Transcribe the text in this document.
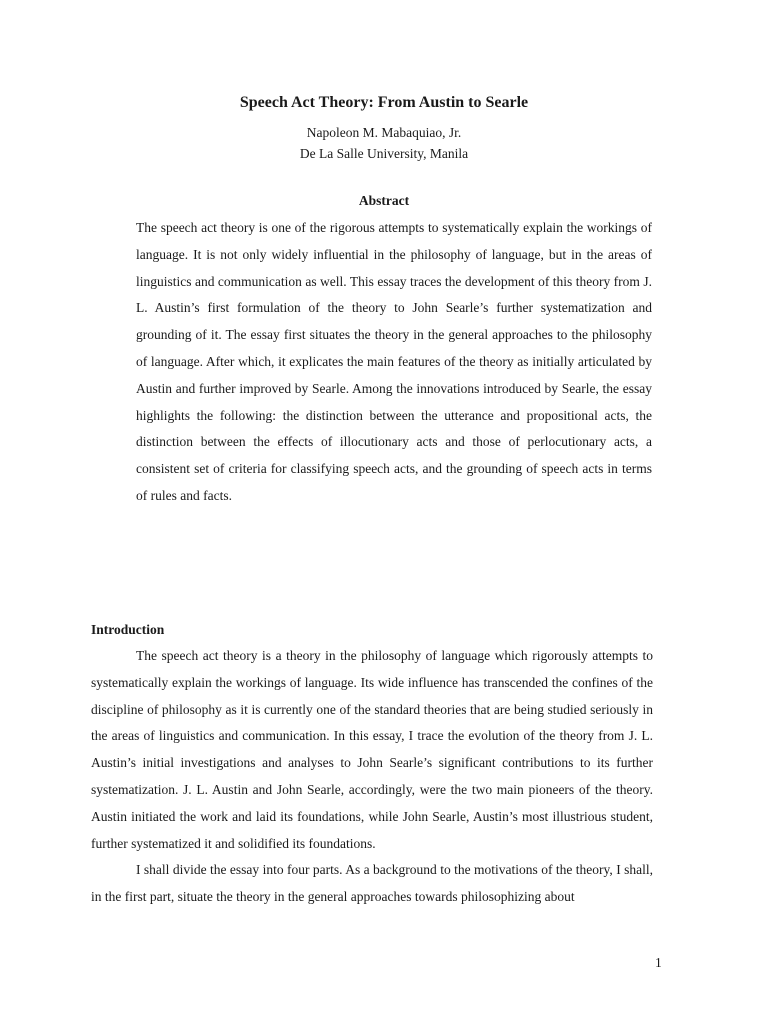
Speech Act Theory: From Austin to Searle

Napoleon M. Mabaquiao, Jr.

De La Salle University, Manila

Abstract

The speech act theory is one of the rigorous attempts to systematically explain the workings of language. It is not only widely influential in the philosophy of language, but in the areas of linguistics and communication as well. This essay traces the development of this theory from J. L. Austin’s first formulation of the theory to John Searle’s further systematization and grounding of it. The essay first situates the theory in the general approaches to the philosophy of language. After which, it explicates the main features of the theory as initially articulated by Austin and further improved by Searle. Among the innovations introduced by Searle, the essay highlights the following: the distinction between the utterance and propositional acts, the distinction between the effects of illocutionary acts and those of perlocutionary acts, a consistent set of criteria for classifying speech acts, and the grounding of speech acts in terms of rules and facts.

Introduction

The speech act theory is a theory in the philosophy of language which rigorously attempts to systematically explain the workings of language. Its wide influence has transcended the confines of the discipline of philosophy as it is currently one of the standard theories that are being studied seriously in the areas of linguistics and communication. In this essay, I trace the evolution of the theory from J. L. Austin’s initial investigations and analyses to John Searle’s significant contributions to its further systematization. J. L. Austin and John Searle, accordingly, were the two main pioneers of the theory. Austin initiated the work and laid its foundations, while John Searle, Austin’s most illustrious student, further systematized it and solidified its foundations.

I shall divide the essay into four parts. As a background to the motivations of the theory, I shall, in the first part, situate the theory in the general approaches towards philosophizing about

1
